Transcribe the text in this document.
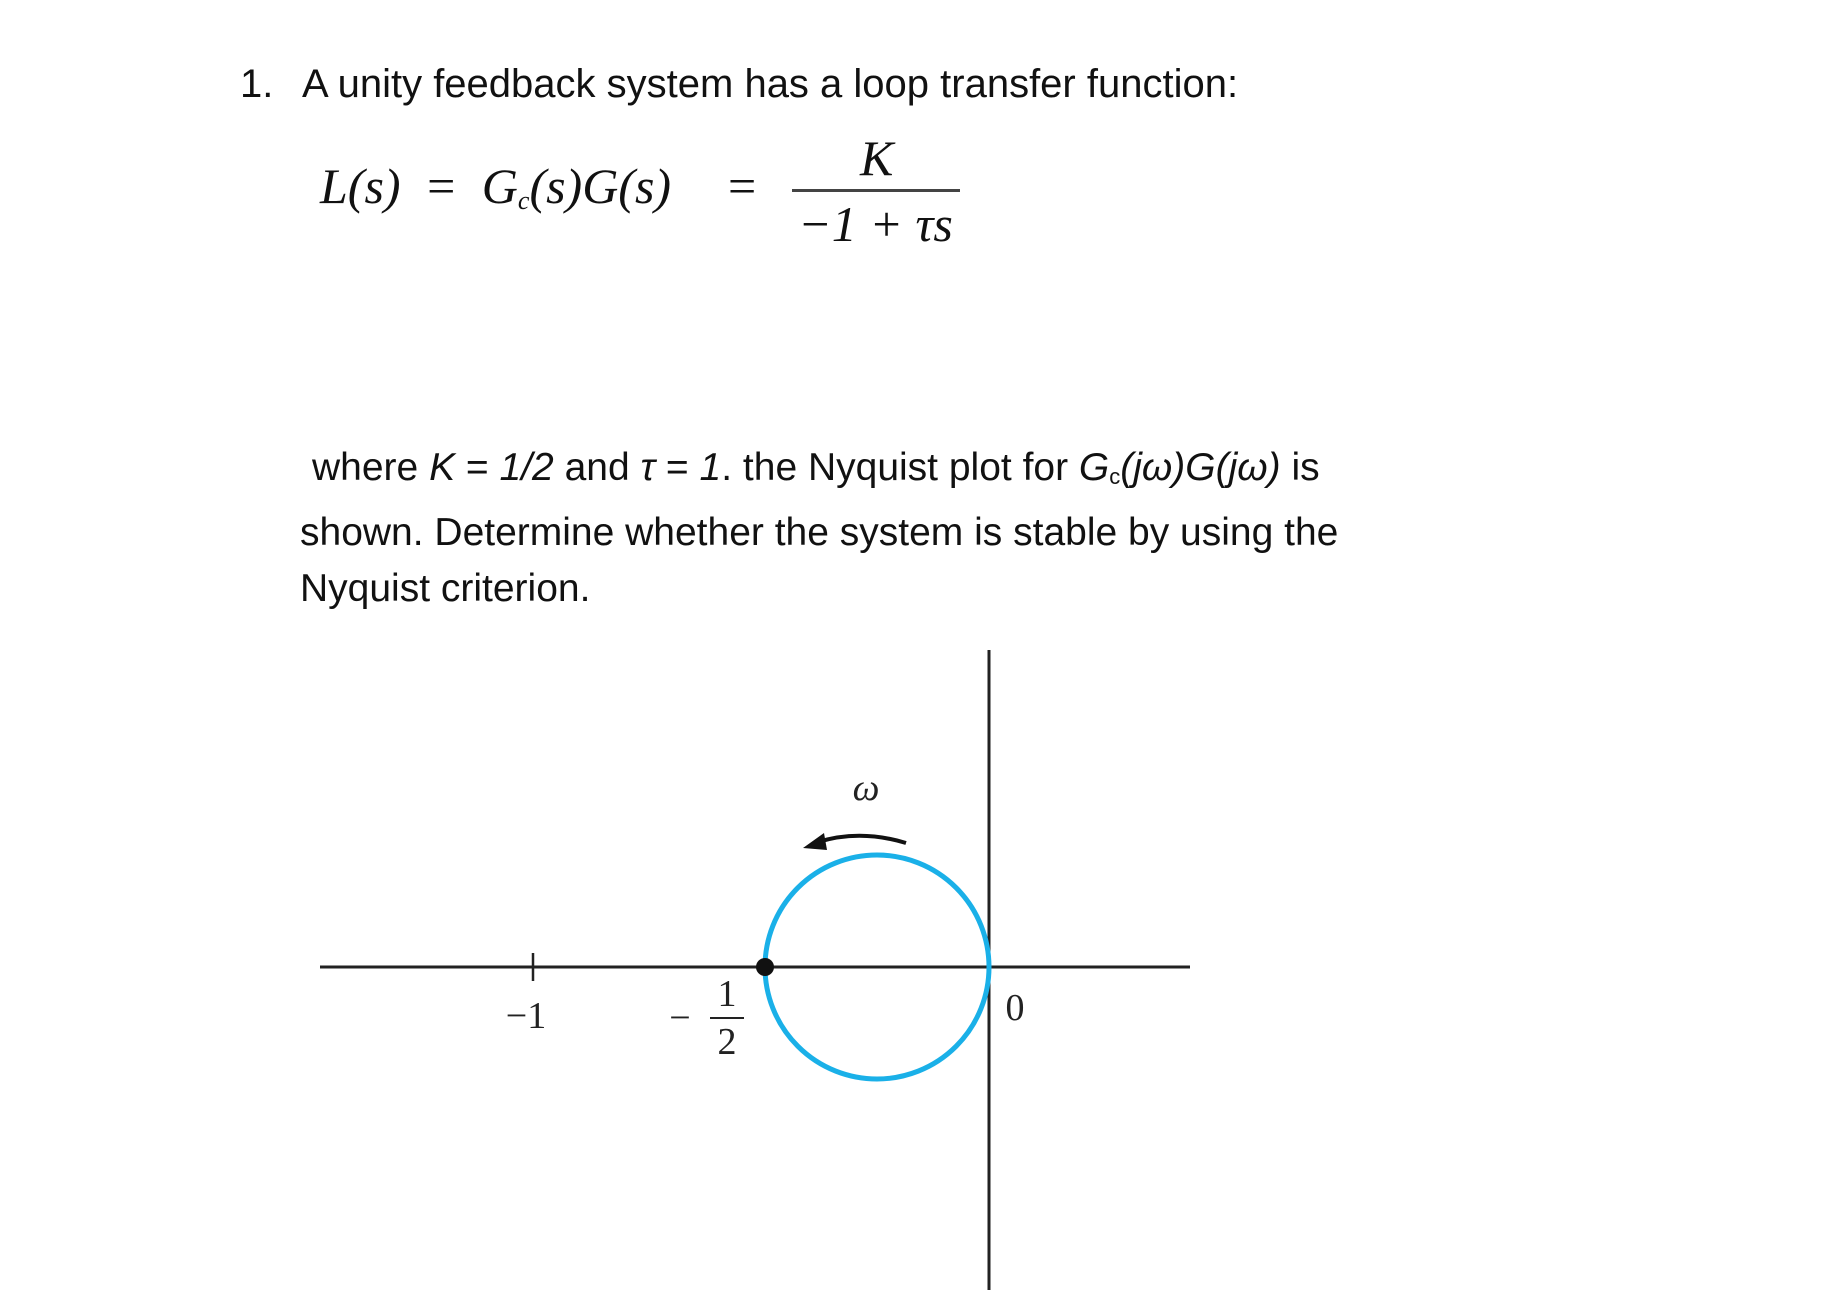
1. A unity feedback system has a loop transfer function:
$L(s) = G_c(s)G(s) = K$
−1 + τs
where K = 1/2 and τ = 1. the Nyquist plot for $G_c(j\omega)G(j\omega)$ is
shown. Determine whether the system is stable by using the
Nyquist criterion.
ω
−1	−
1
2
0
